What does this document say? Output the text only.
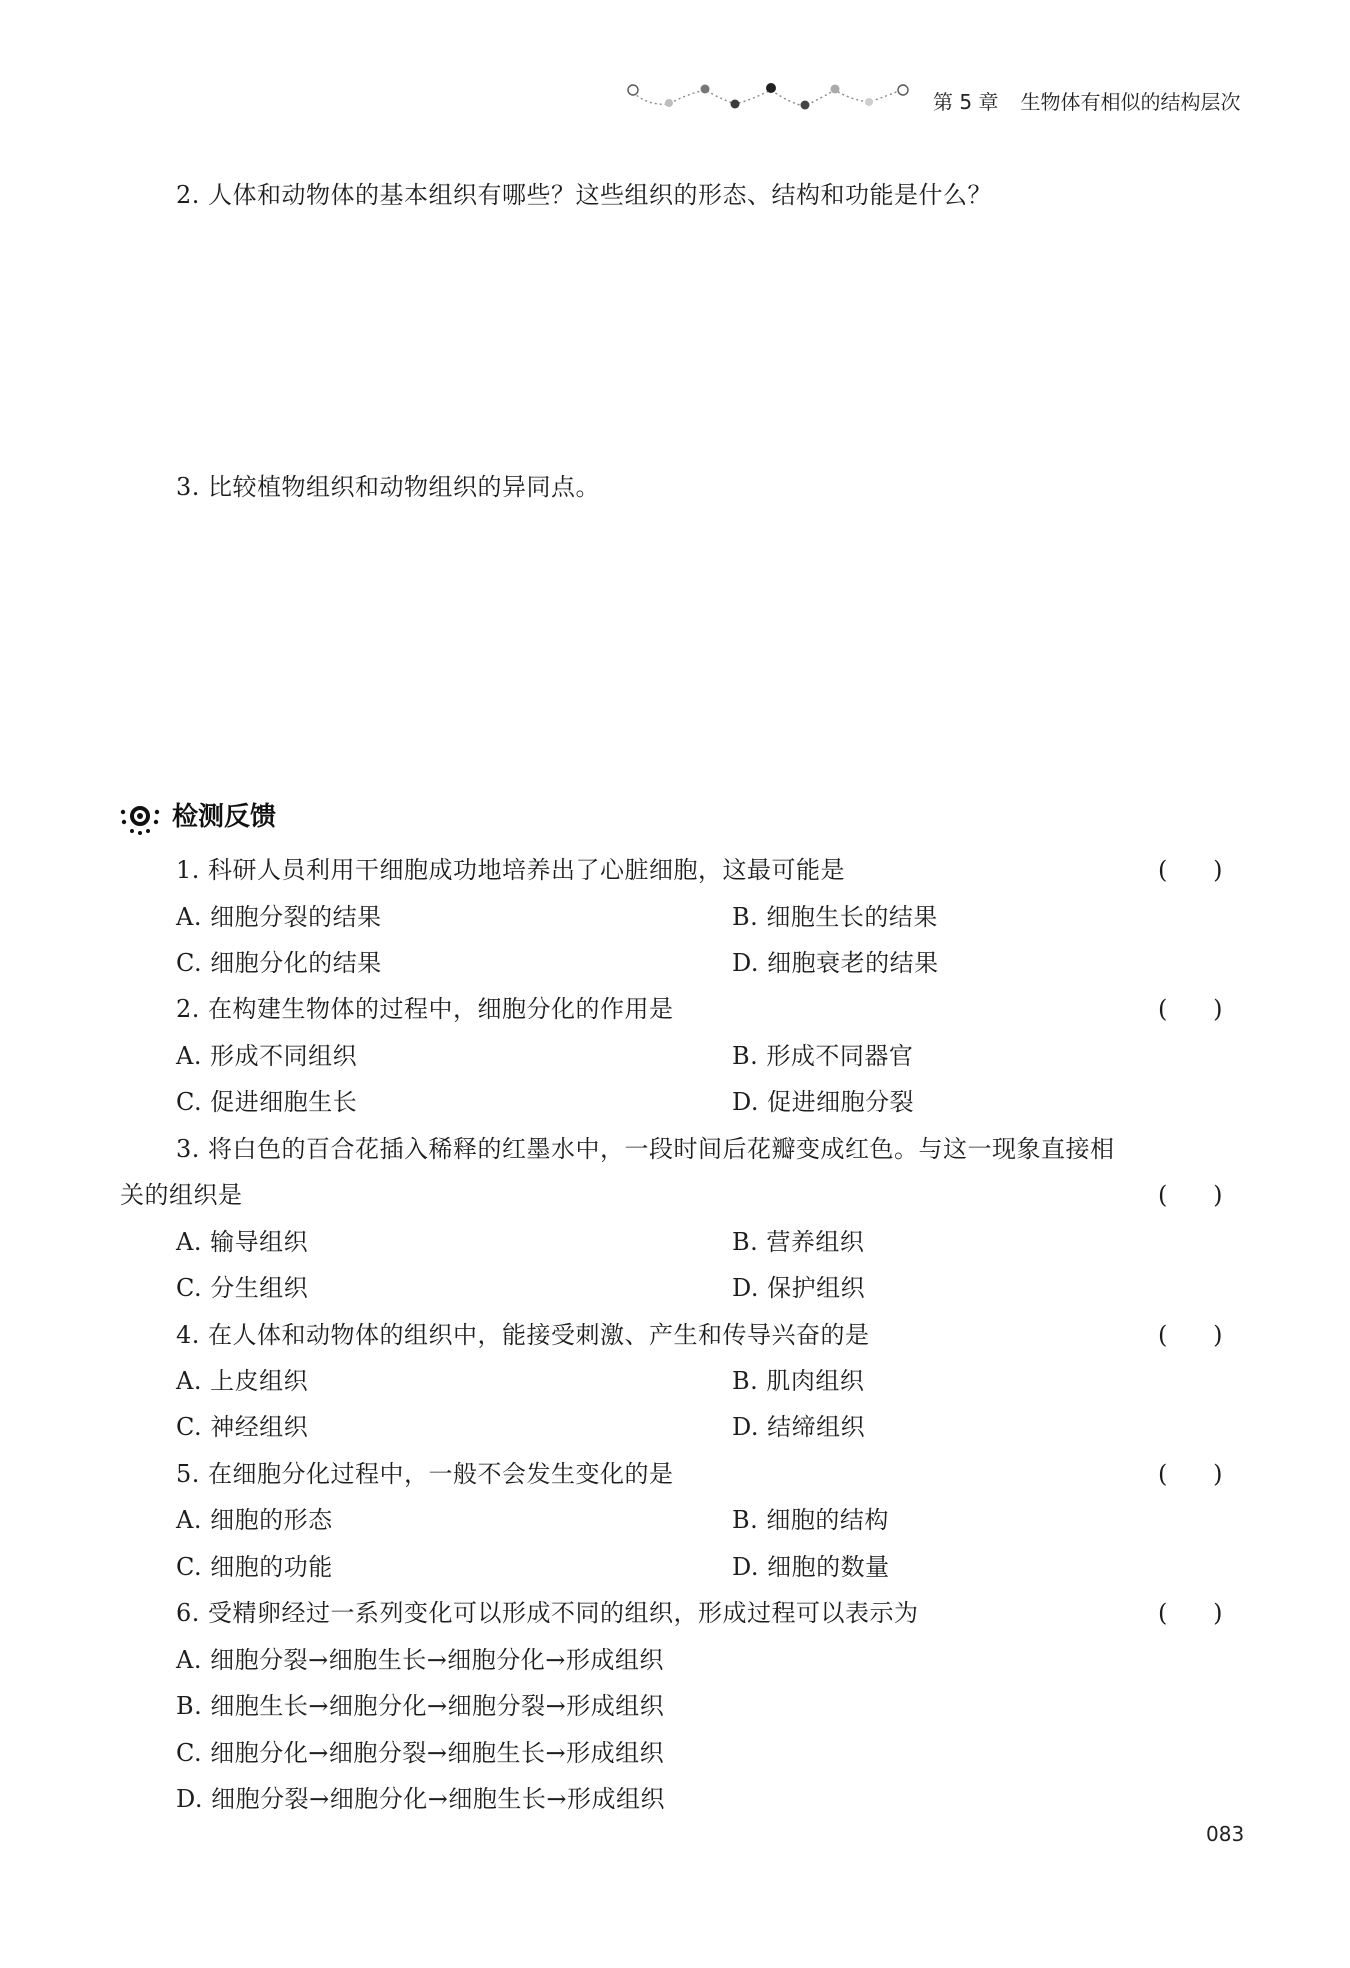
第 5 章 生物体有相似的结构层次
2. 人体和动物体的基本组织有哪些？这些组织的形态、结构和功能是什么？
3. 比较植物组织和动物组织的异同点。
检测反馈
1. 科研人员利用干细胞成功地培养出了心脏细胞，这最可能是	(      )
A. 细胞分裂的结果	B. 细胞生长的结果
C. 细胞分化的结果	D. 细胞衰老的结果
2. 在构建生物体的过程中，细胞分化的作用是	(      )
A. 形成不同组织	B. 形成不同器官
C. 促进细胞生长	D. 促进细胞分裂
3. 将白色的百合花插入稀释的红墨水中，一段时间后花瓣变成红色。与这一现象直接相
关的组织是	(      )
A. 输导组织	B. 营养组织
C. 分生组织	D. 保护组织
4. 在人体和动物体的组织中，能接受刺激、产生和传导兴奋的是	(      )
A. 上皮组织	B. 肌肉组织
C. 神经组织	D. 结缔组织
5. 在细胞分化过程中，一般不会发生变化的是	(      )
A. 细胞的形态	B. 细胞的结构
C. 细胞的功能	D. 细胞的数量
6. 受精卵经过一系列变化可以形成不同的组织，形成过程可以表示为	(      )
A. 细胞分裂→细胞生长→细胞分化→形成组织
B. 细胞生长→细胞分化→细胞分裂→形成组织
C. 细胞分化→细胞分裂→细胞生长→形成组织
D. 细胞分裂→细胞分化→细胞生长→形成组织
083
